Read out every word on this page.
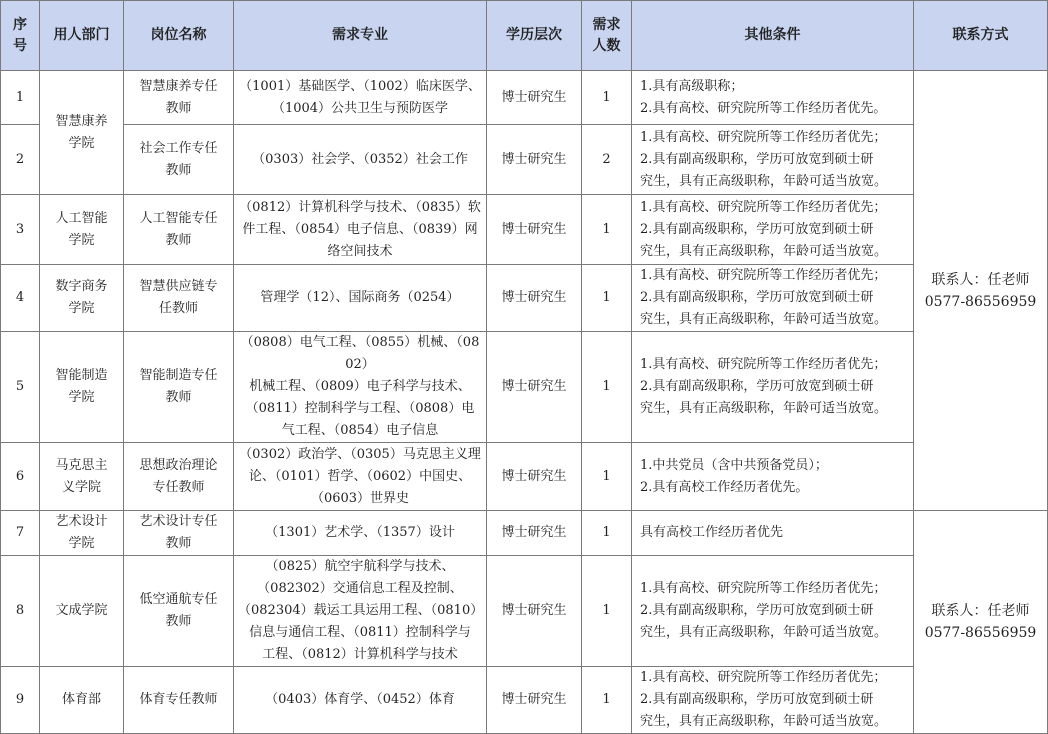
序
号	用人部门	岗位名称	需求专业	学历层次	需求
人数	其他条件	联系方式
1	智慧康养
学院	智慧康养专任
教师	（1001）基础医学、（1002）临床医学、
（1004）公共卫生与预防医学	博士研究生	1	1.具有高级职称；
2.具有高校、研究院所等工作经历者优先。	联系人：任老师
0577-86556959

2		社会工作专任
教师	（0303）社会学、（0352）社会工作	博士研究生	2	1.具有高校、研究院所等工作经历者优先；
2.具有副高级职称，学历可放宽到硕士研
究生，具有正高级职称，年龄可适当放宽。	

3	人工智能
学院	人工智能专任
教师	（0812）计算机科学与技术、（0835）软
件工程、（0854）电子信息、（0839）网
络空间技术	博士研究生	1	1.具有高校、研究院所等工作经历者优先；
2.具有副高级职称，学历可放宽到硕士研
究生，具有正高级职称，年龄可适当放宽。	

4	数字商务
学院	智慧供应链专
任教师	管理学（12）、国际商务（0254）	博士研究生	1	1.具有高校、研究院所等工作经历者优先；
2.具有副高级职称，学历可放宽到硕士研
究生，具有正高级职称，年龄可适当放宽。	

5	智能制造
学院	智能制造专任
教师	（0808）电气工程、（0855）机械、（0802）
机械工程、（0809）电子科学与技术、
（0811）控制科学与工程、（0808）电
气工程、（0854）电子信息	博士研究生	1	1.具有高校、研究院所等工作经历者优先；
2.具有副高级职称，学历可放宽到硕士研
究生，具有正高级职称，年龄可适当放宽。	

6	马克思主
义学院	思想政治理论
专任教师	（0302）政治学、（0305）马克思主义理
论、（0101）哲学、（0602）中国史、
（0603）世界史	博士研究生	1	1.中共党员（含中共预备党员）；
2.具有高校工作经历者优先。	

7	艺术设计
学院	艺术设计专任
教师	（1301）艺术学、（1357）设计	博士研究生	1	具有高校工作经历者优先	联系人：任老师
0577-86556959

8	文成学院	低空通航专任
教师	（0825）航空宇航科学与技术、
（082302）交通信息工程及控制、
（082304）载运工具运用工程、（0810）
信息与通信工程、（0811）控制科学与
工程、（0812）计算机科学与技术	博士研究生	1	1.具有高校、研究院所等工作经历者优先；
2.具有副高级职称，学历可放宽到硕士研
究生，具有正高级职称，年龄可适当放宽。	

9	体育部	体育专任教师	（0403）体育学、（0452）体育	博士研究生	1	1.具有高校、研究院所等工作经历者优先；
2.具有副高级职称，学历可放宽到硕士研
究生，具有正高级职称，年龄可适当放宽。	
